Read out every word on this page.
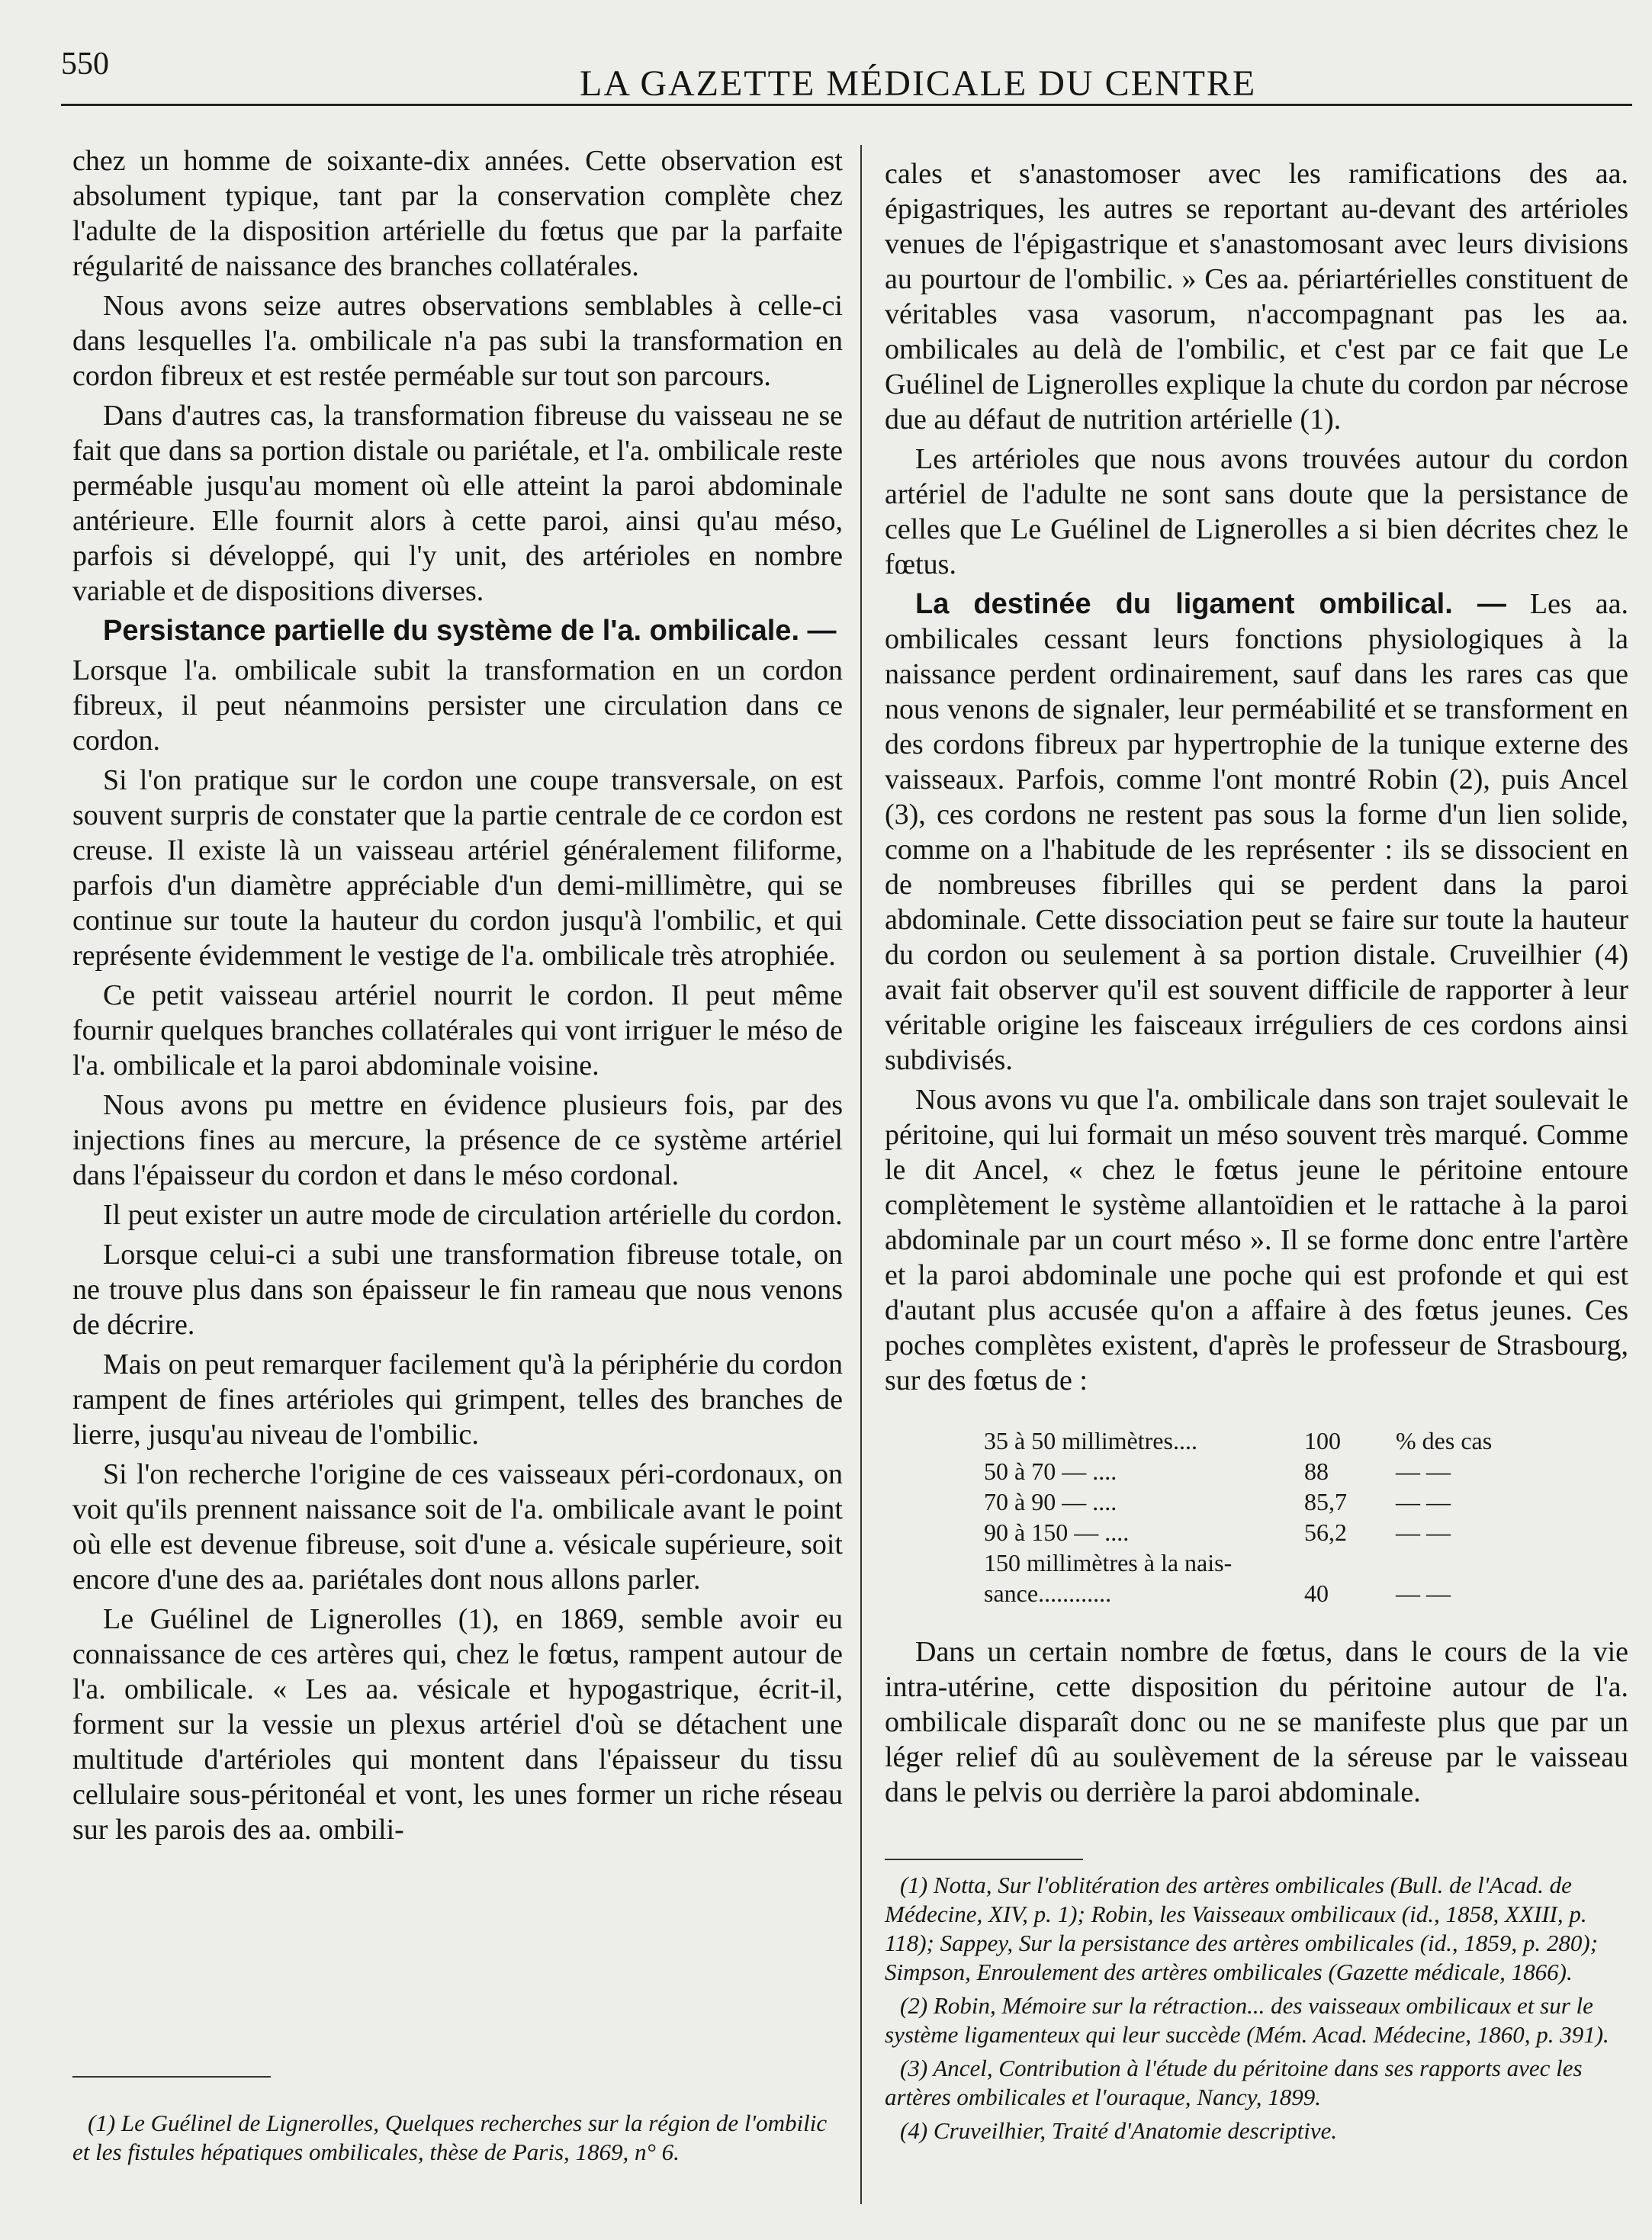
550	LA GAZETTE MÉDICALE DU CENTRE

chez un homme de soixante-dix années. Cette observation est absolument typique, tant par la conservation complète chez l'adulte de la disposition artérielle du fœtus que par la parfaite régularité de naissance des branches collatérales.

Nous avons seize autres observations semblables à celle-ci dans lesquelles l'a. ombilicale n'a pas subi la transformation en cordon fibreux et est restée perméable sur tout son parcours.

Dans d'autres cas, la transformation fibreuse du vaisseau ne se fait que dans sa portion distale ou pariétale, et l'a. ombilicale reste perméable jusqu'au moment où elle atteint la paroi abdominale antérieure. Elle fournit alors à cette paroi, ainsi qu'au méso, parfois si développé, qui l'y unit, des artérioles en nombre variable et de dispositions diverses.

Persistance partielle du système de l'a. ombilicale. —

Lorsque l'a. ombilicale subit la transformation en un cordon fibreux, il peut néanmoins persister une circulation dans ce cordon.

Si l'on pratique sur le cordon une coupe transversale, on est souvent surpris de constater que la partie centrale de ce cordon est creuse. Il existe là un vaisseau artériel généralement filiforme, parfois d'un diamètre appréciable d'un demi-millimètre, qui se continue sur toute la hauteur du cordon jusqu'à l'ombilic, et qui représente évidemment le vestige de l'a. ombilicale très atrophiée.

Ce petit vaisseau artériel nourrit le cordon. Il peut même fournir quelques branches collatérales qui vont irriguer le méso de l'a. ombilicale et la paroi abdominale voisine.

Nous avons pu mettre en évidence plusieurs fois, par des injections fines au mercure, la présence de ce système artériel dans l'épaisseur du cordon et dans le méso cordonal.

Il peut exister un autre mode de circulation artérielle du cordon.

Lorsque celui-ci a subi une transformation fibreuse totale, on ne trouve plus dans son épaisseur le fin rameau que nous venons de décrire.

Mais on peut remarquer facilement qu'à la périphérie du cordon rampent de fines artérioles qui grimpent, telles des branches de lierre, jusqu'au niveau de l'ombilic.

Si l'on recherche l'origine de ces vaisseaux péri-cordonaux, on voit qu'ils prennent naissance soit de l'a. ombilicale avant le point où elle est devenue fibreuse, soit d'une a. vésicale supérieure, soit encore d'une des aa. pariétales dont nous allons parler.

Le Guélinel de Lignerolles (1), en 1869, semble avoir eu connaissance de ces artères qui, chez le fœtus, rampent autour de l'a. ombilicale. « Les aa. vésicale et hypogastrique, écrit-il, forment sur la vessie un plexus artériel d'où se détachent une multitude d'artérioles qui montent dans l'épaisseur du tissu cellulaire sous-péritonéal et vont, les unes former un riche réseau sur les parois des aa. ombili-

(1) Le Guélinel de Lignerolles, Quelques recherches sur la région de l'ombilic et les fistules hépatiques ombilicales, thèse de Paris, 1869, n° 6.

cales et s'anastomoser avec les ramifications des aa. épigastriques, les autres se reportant au-devant des artérioles venues de l'épigastrique et s'anastomosant avec leurs divisions au pourtour de l'ombilic. » Ces aa. périartérielles constituent de véritables vasa vasorum, n'accompagnant pas les aa. ombilicales au delà de l'ombilic, et c'est par ce fait que Le Guélinel de Lignerolles explique la chute du cordon par nécrose due au défaut de nutrition artérielle (1).

Les artérioles que nous avons trouvées autour du cordon artériel de l'adulte ne sont sans doute que la persistance de celles que Le Guélinel de Lignerolles a si bien décrites chez le fœtus.

La destinée du ligament ombilical. — Les aa. ombilicales cessant leurs fonctions physiologiques à la naissance perdent ordinairement, sauf dans les rares cas que nous venons de signaler, leur perméabilité et se transforment en des cordons fibreux par hypertrophie de la tunique externe des vaisseaux. Parfois, comme l'ont montré Robin (2), puis Ancel (3), ces cordons ne restent pas sous la forme d'un lien solide, comme on a l'habitude de les représenter : ils se dissocient en de nombreuses fibrilles qui se perdent dans la paroi abdominale. Cette dissociation peut se faire sur toute la hauteur du cordon ou seulement à sa portion distale. Cruveilhier (4) avait fait observer qu'il est souvent difficile de rapporter à leur véritable origine les faisceaux irréguliers de ces cordons ainsi subdivisés.

Nous avons vu que l'a. ombilicale dans son trajet soulevait le péritoine, qui lui formait un méso souvent très marqué. Comme le dit Ancel, « chez le fœtus jeune le péritoine entoure complètement le système allantoïdien et le rattache à la paroi abdominale par un court méso ». Il se forme donc entre l'artère et la paroi abdominale une poche qui est profonde et qui est d'autant plus accusée qu'on a affaire à des fœtus jeunes. Ces poches complètes existent, d'après le professeur de Strasbourg, sur des fœtus de :

35 à 50 millimètres....	100	% des cas
50 à 70 — ....	88	— —
70 à 90 — ....	85,7	— —
90 à 150 — ....	56,2	— —
150 millimètres à la nais-		
sance............	40	— —

Dans un certain nombre de fœtus, dans le cours de la vie intra-utérine, cette disposition du péritoine autour de l'a. ombilicale disparaît donc ou ne se manifeste plus que par un léger relief dû au soulèvement de la séreuse par le vaisseau dans le pelvis ou derrière la paroi abdominale.

(1) Notta, Sur l'oblitération des artères ombilicales (Bull. de l'Acad. de Médecine, XIV, p. 1); Robin, les Vaisseaux ombilicaux (id., 1858, XXIII, p. 118); Sappey, Sur la persistance des artères ombilicales (id., 1859, p. 280); Simpson, Enroulement des artères ombilicales (Gazette médicale, 1866).

(2) Robin, Mémoire sur la rétraction... des vaisseaux ombilicaux et sur le système ligamenteux qui leur succède (Mém. Acad. Médecine, 1860, p. 391).

(3) Ancel, Contribution à l'étude du péritoine dans ses rapports avec les artères ombilicales et l'ouraque, Nancy, 1899.

(4) Cruveilhier, Traité d'Anatomie descriptive.
